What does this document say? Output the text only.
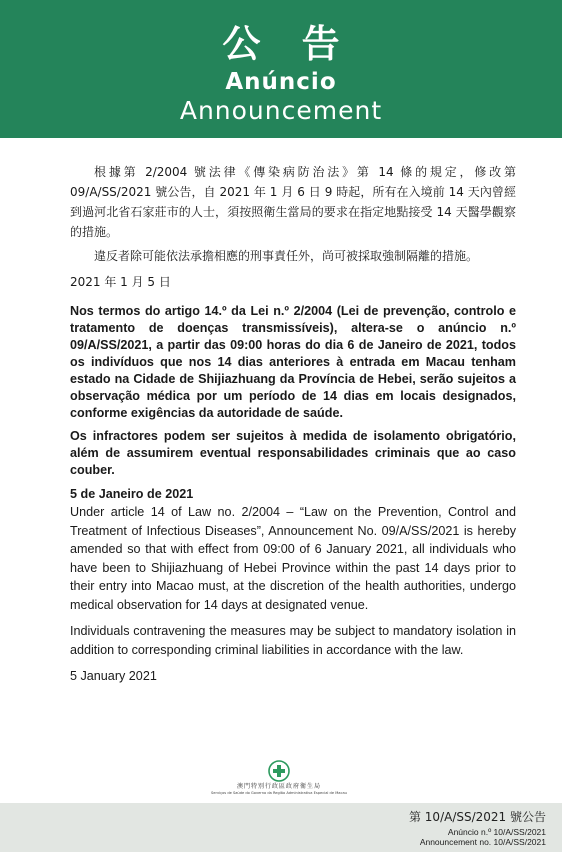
公 告
Anúncio
Announcement

根據第 2/2004 號法律《傳染病防治法》第 14 條的規定，修改第 09/A/SS/2021 號公告，自 2021 年 1 月 6 日 9 時起，所有在入境前 14 天內曾經到過河北省石家莊市的人士，須按照衛生當局的要求在指定地點接受 14 天醫學觀察的措施。

違反者除可能依法承擔相應的刑事責任外，尚可被採取強制隔離的措施。

2021 年 1 月 5 日

Nos termos do artigo 14.º da Lei n.º 2/2004 (Lei de prevenção, controlo e tratamento de doenças transmissíveis), altera-se o anúncio n.º 09/A/SS/2021, a partir das 09:00 horas do dia 6 de Janeiro de 2021, todos os indivíduos que nos 14 dias anteriores à entrada em Macau tenham estado na Cidade de Shijiazhuang da Província de Hebei, serão sujeitos a observação médica por um período de 14 dias em locais designados, conforme exigências da autoridade de saúde.

Os infractores podem ser sujeitos à medida de isolamento obrigatório, além de assumirem eventual responsabilidades criminais que ao caso couber.

5 de Janeiro de 2021

Under article 14 of Law no. 2/2004 – “Law on the Prevention, Control and Treatment of Infectious Diseases”, Announcement No. 09/A/SS/2021 is hereby amended so that with effect from 09:00 of 6 January 2021, all individuals who have been to Shijiazhuang of Hebei Province within the past 14 days prior to their entry into Macao must, at the discretion of the health authorities, undergo medical observation for 14 days at designated venue.

Individuals contravening the measures may be subject to mandatory isolation in addition to corresponding criminal liabilities in accordance with the law.

5 January 2021

澳門特別行政區政府衛生局
Serviços de Saúde do Governo da Região Administrativa Especial de Macau
第 10/A/SS/2021 號公告
Anúncio n.º 10/A/SS/2021
Announcement no. 10/A/SS/2021
